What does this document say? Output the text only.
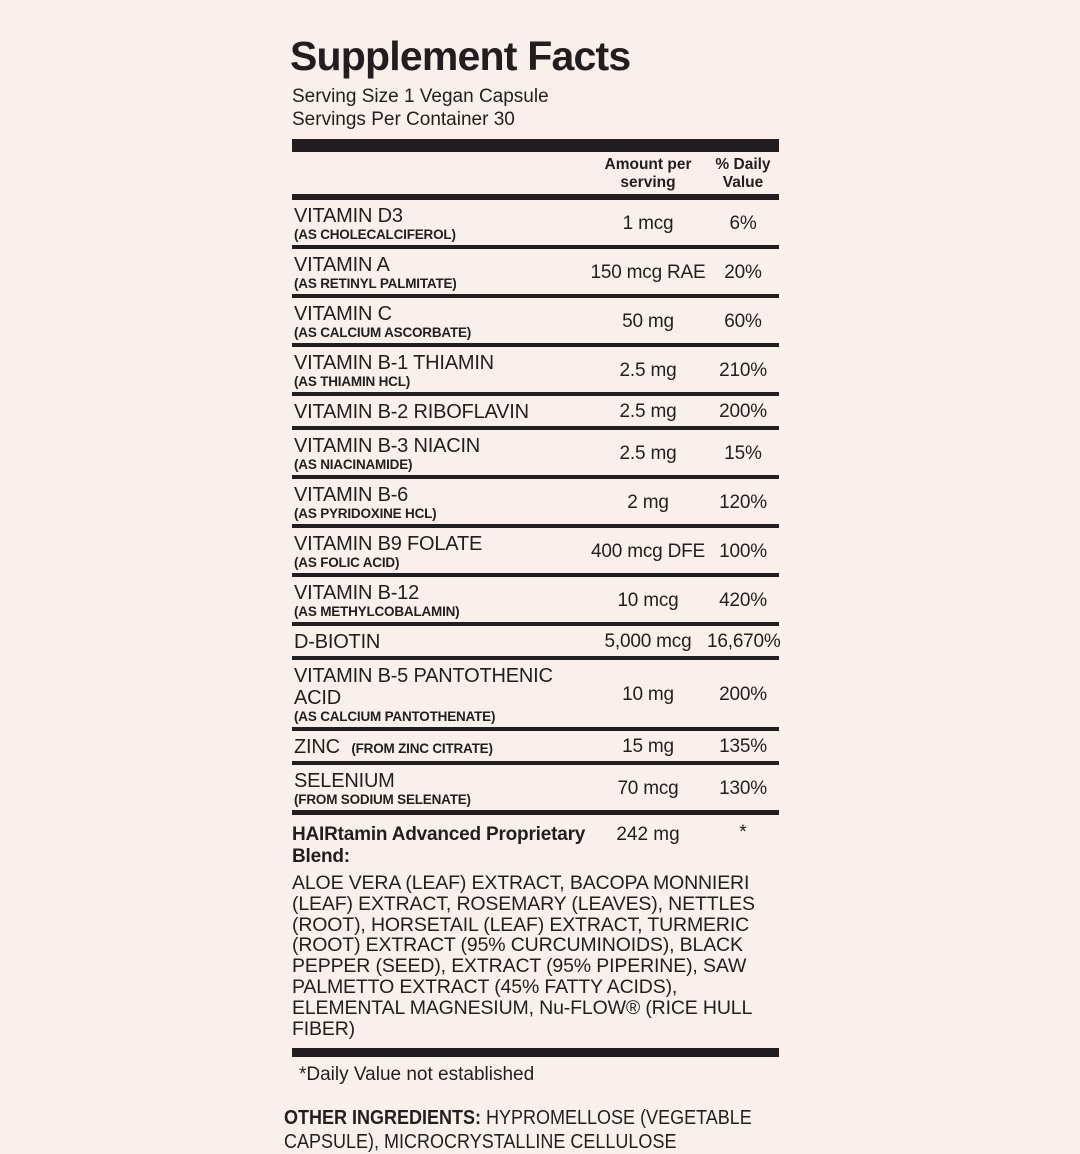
Supplement Facts
Serving Size 1 Vegan Capsule
Servings Per Container 30
Amount per serving
% Daily Value
VITAMIN D3
(AS CHOLECALCIFEROL)
1 mcg	6%
VITAMIN A
(AS RETINYL PALMITATE)
150 mcg RAE 20%
VITAMIN C
(AS CALCIUM ASCORBATE)
50 mg	60%
VITAMIN B-1 THIAMIN
(AS THIAMIN HCL)
2.5 mg	210%
VITAMIN B-2 RIBOFLAVIN	2.5 mg	200%
VITAMIN B-3 NIACIN
(AS NIACINAMIDE)
2.5 mg	15%
VITAMIN B-6
(AS PYRIDOXINE HCL)
2 mg	120%
VITAMIN B9 FOLATE
(AS FOLIC ACID)
400 mcg DFE 100%
VITAMIN B-12
(AS METHYLCOBALAMIN)
10 mcg	420%
D-BIOTIN	5,000 mcg 16,670%
VITAMIN B-5 PANTOTHENIC ACID
(AS CALCIUM PANTOTHENATE)
10 mg	200%
ZINC (FROM ZINC CITRATE)	15 mg	135%
SELENIUM
(FROM SODIUM SELENATE)
70 mcg	130%
HAIRtamin Advanced Proprietary Blend:
242 mg	*
ALOE VERA (LEAF) EXTRACT, BACOPA MONNIERI (LEAF) EXTRACT, ROSEMARY (LEAVES), NETTLES (ROOT), HORSETAIL (LEAF) EXTRACT, TURMERIC (ROOT) EXTRACT (95% CURCUMINOIDS), BLACK PEPPER (SEED), EXTRACT (95% PIPERINE), SAW PALMETTO EXTRACT (45% FATTY ACIDS), ELEMENTAL MAGNESIUM, Nu-FLOW® (RICE HULL FIBER)
*Daily Value not established
OTHER INGREDIENTS: HYPROMELLOSE (VEGETABLE CAPSULE), MICROCRYSTALLINE CELLULOSE
